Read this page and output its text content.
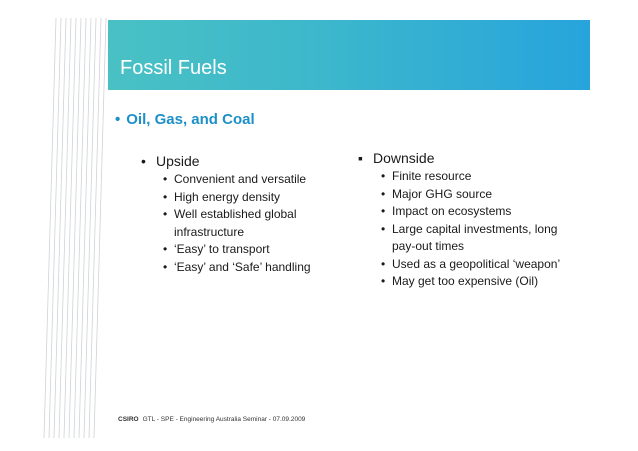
Fossil Fuels
• Oil, Gas, and Coal
• Upside
• Convenient and versatile
• High energy density
• Well established global infrastructure
• ‘Easy’ to transport
• ‘Easy’ and ‘Safe’ handling
▪ Downside
• Finite resource
• Major GHG source
• Impact on ecosystems
• Large capital investments, long pay-out times
• Used as a geopolitical ‘weapon’
• May get too expensive (Oil)
CSIRO GTL - SPE - Engineering Australia Seminar - 07.09.2009
